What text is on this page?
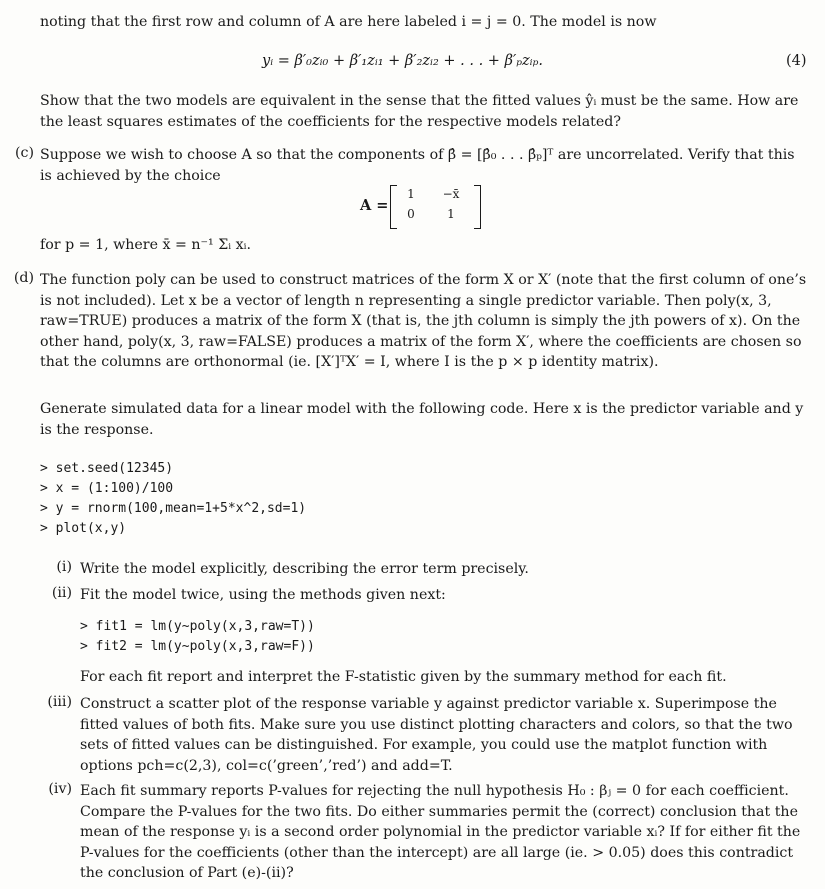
noting that the first row and column of A are here labeled i = j = 0. The model is now
yᵢ = β′₀zᵢ₀ + β′₁zᵢ₁ + β′₂zᵢ₂ + . . . + β′ₚzᵢₚ.	(4)
Show that the two models are equivalent in the sense that the fitted values ŷᵢ must be the same. How are the least squares estimates of the coefficients for the respective models related?
(c) Suppose we wish to choose A so that the components of β̂ = [β̂₀ . . . β̂ₚ]ᵀ are uncorrelated. Verify that this is achieved by the choice
A =
1	−x̄
0	1
for p = 1, where x̄ = n⁻¹ Σᵢ xᵢ.
(d) The function poly can be used to construct matrices of the form X or X′ (note that the first column of one’s is not included). Let x be a vector of length n representing a single predictor variable. Then poly(x, 3, raw=TRUE) produces a matrix of the form X (that is, the jth column is simply the jth powers of x). On the other hand, poly(x, 3, raw=FALSE) produces a matrix of the form X′, where the coefficients are chosen so that the columns are orthonormal (ie. [X′]ᵀX′ = I, where I is the p × p identity matrix).
Generate simulated data for a linear model with the following code. Here x is the predictor variable and y is the response.
> set.seed(12345)
> x = (1:100)/100
> y = rnorm(100,mean=1+5*x^2,sd=1)
> plot(x,y)
(i) Write the model explicitly, describing the error term precisely.
(ii) Fit the model twice, using the methods given next:
> fit1 = lm(y~poly(x,3,raw=T))
> fit2 = lm(y~poly(x,3,raw=F))
For each fit report and interpret the F-statistic given by the summary method for each fit.
(iii) Construct a scatter plot of the response variable y against predictor variable x. Superimpose the fitted values of both fits. Make sure you use distinct plotting characters and colors, so that the two sets of fitted values can be distinguished. For example, you could use the matplot function with options pch=c(2,3), col=c(’green’,’red’) and add=T.
(iv) Each fit summary reports P-values for rejecting the null hypothesis H₀ : βⱼ = 0 for each coefficient. Compare the P-values for the two fits. Do either summaries permit the (correct) conclusion that the mean of the response yᵢ is a second order polynomial in the predictor variable xᵢ? If for either fit the P-values for the coefficients (other than the intercept) are all large (ie. > 0.05) does this contradict the conclusion of Part (e)-(ii)?
